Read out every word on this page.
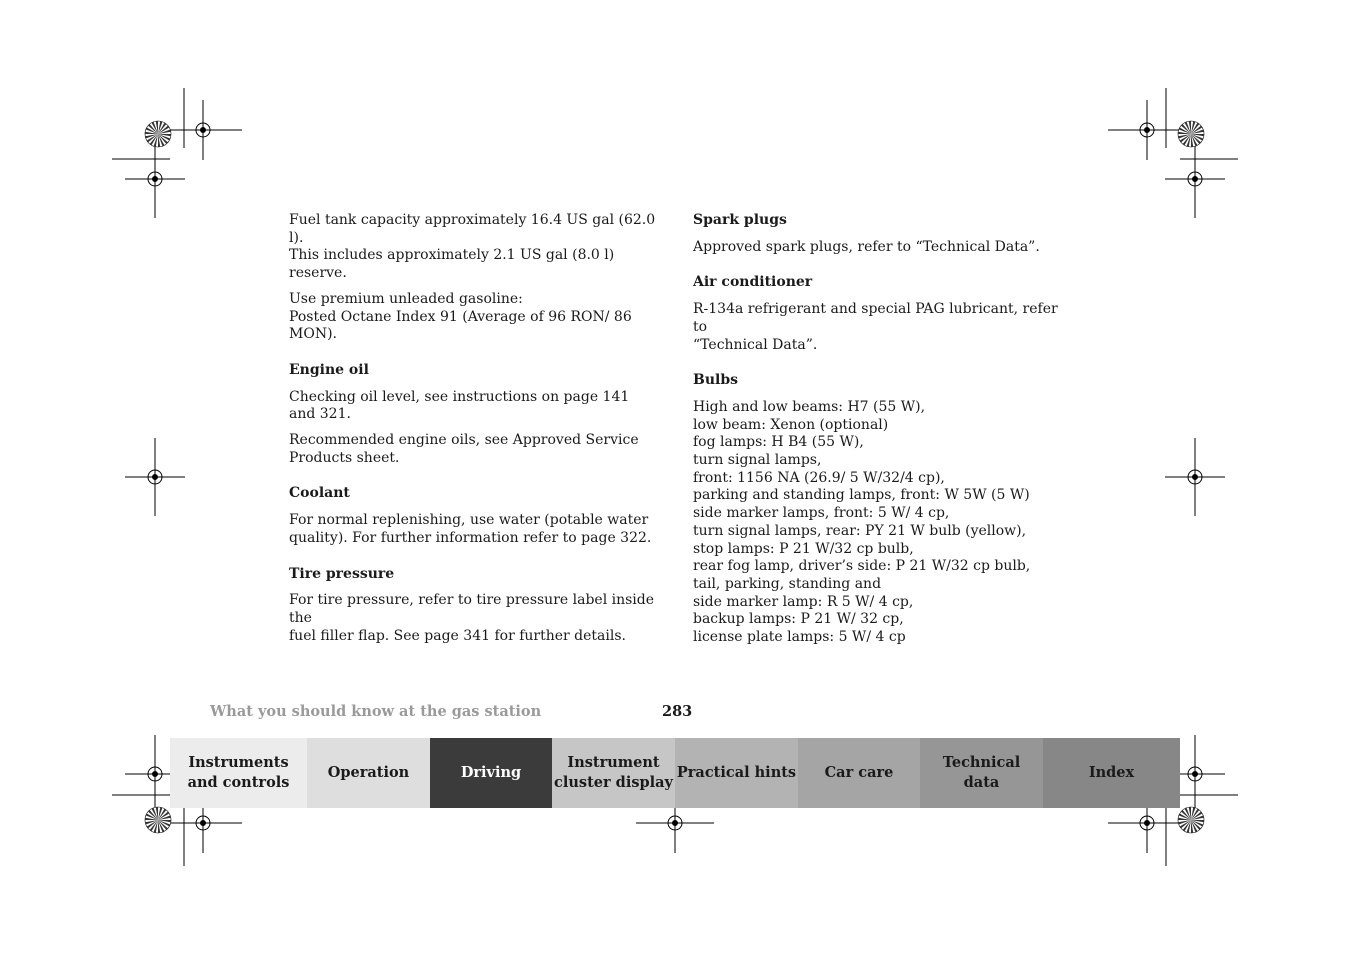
Fuel tank capacity approximately 16.4 US gal (62.0 l).
This includes approximately 2.1 US gal (8.0 l) reserve.

Use premium unleaded gasoline:
Posted Octane Index 91 (Average of 96 RON/ 86 MON).

Engine oil

Checking oil level, see instructions on page 141
and 321.

Recommended engine oils, see Approved Service
Products sheet.

Coolant

For normal replenishing, use water (potable water
quality). For further information refer to page 322.

Tire pressure

For tire pressure, refer to tire pressure label inside the
fuel filler flap. See page 341 for further details.

Spark plugs

Approved spark plugs, refer to “Technical Data”.

Air conditioner

R-134a refrigerant and special PAG lubricant, refer to
“Technical Data”.

Bulbs

High and low beams: H7 (55 W),
low beam: Xenon (optional)
fog lamps: H B4 (55 W),
turn signal lamps,
front: 1156 NA (26.9/ 5 W/32/4 cp),
parking and standing lamps, front: W 5W (5 W)
side marker lamps, front: 5 W/ 4 cp,
turn signal lamps, rear: PY 21 W bulb (yellow),
stop lamps: P 21 W/32 cp bulb,
rear fog lamp, driver’s side: P 21 W/32 cp bulb,
tail, parking, standing and
side marker lamp: R 5 W/ 4 cp,
backup lamps: P 21 W/ 32 cp,
license plate lamps: 5 W/ 4 cp

What you should know at the gas station	283
Instruments
and controls
Operation	Driving
Instrument
cluster display
Practical hints	Car care
Technical
data
Index
